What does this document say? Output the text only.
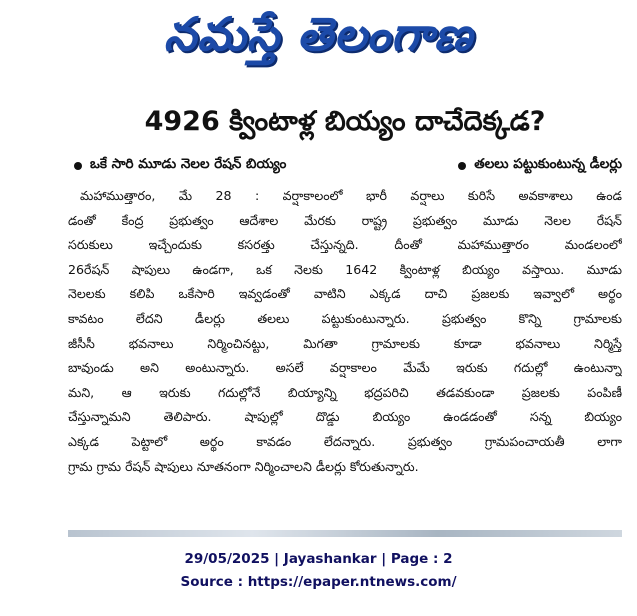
నమస్తే తెలంగాణ
4926 క్వింటాళ్ల బియ్యం దాచేదెక్కడ?
ఒకే సారి మూడు నెలల రేషన్ బియ్యం	తలలు పట్టుకుంటున్న డీలర్లు
మహాముత్తారం, మే 28 : వర్షాకాలంలో భారీ వర్షాలు కురిసే అవకాశాలు ఉండ
డంతో కేంద్ర ప్రభుత్వం ఆదేశాల మేరకు రాష్ట్ర ప్రభుత్వం మూడు నెలల రేషన్
సరుకులు ఇచ్చేందుకు కసరత్తు చేస్తున్నది. దీంతో మహాముత్తారం మండలంలో
26రేషన్ షాపులు ఉండగా, ఒక నెలకు 1642 క్వింటాళ్ల బియ్యం వస్తాయి. మూడు
నెలలకు కలిపి ఒకేసారి ఇవ్వడంతో వాటిని ఎక్కడ దాచి ప్రజలకు ఇవ్వాలో అర్థం
కావటం లేదని డీలర్లు తలలు పట్టుకుంటున్నారు. ప్రభుత్వం కొన్ని గ్రామాలకు
జీసీసీ భవనాలు నిర్మించినట్టు, మిగతా గ్రామాలకు కూడా భవనాలు నిర్మిస్తే
బావుండు అని అంటున్నారు. అసలే వర్షాకాలం మేమే ఇరుకు గదుల్లో ఉంటున్నా
మని, ఆ ఇరుకు గదుల్లోనే బియ్యాన్ని భద్రపరిచి తడవకుండా ప్రజలకు పంపిణీ
చేస్తున్నామని తెలిపారు. షాపుల్లో దొడ్డు బియ్యం ఉండడంతో సన్న బియ్యం
ఎక్కడ పెట్టాలో అర్థం కావడం లేదన్నారు. ప్రభుత్వం గ్రామపంచాయతీ లాగా
గ్రామ గ్రామ రేషన్ షాపులు నూతనంగా నిర్మించాలని డీలర్లు కోరుతున్నారు.
29/05/2025 | Jayashankar | Page : 2
Source : https://epaper.ntnews.com/
